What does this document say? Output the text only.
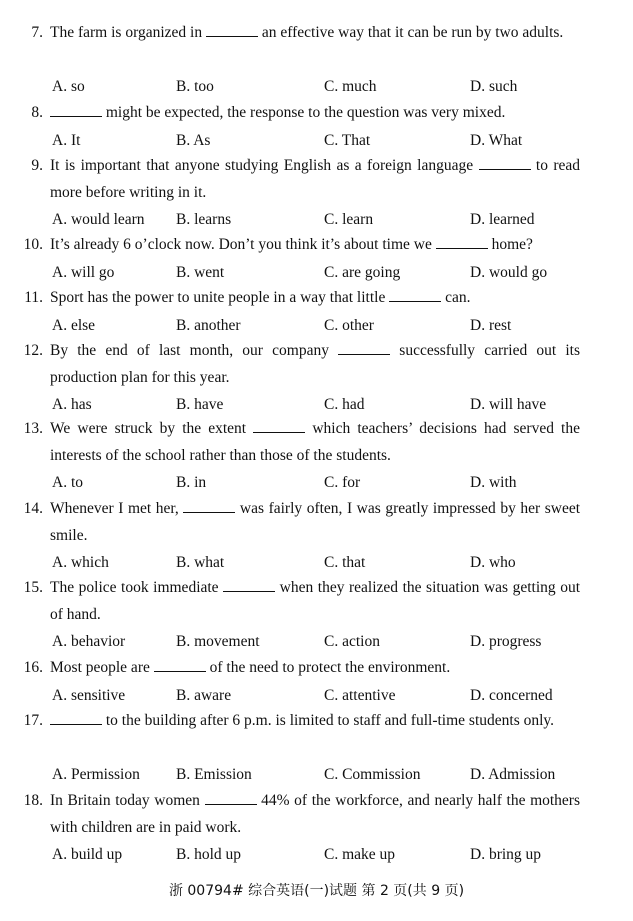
7. The farm is organized in	an effective way that it can be run by two adults.
A. so	B. too	C. much	D. such
8.	might be expected, the response to the question was very mixed.
A. It	B. As	C. That	D. What
9. It is important that anyone studying English as a foreign language	to read more before writing in it.
A. would learn B. learns	C. learn	D. learned
10. It’s already 6 o’clock now. Don’t you think it’s about time we	home?
A. will go	B. went	C. are going	D. would go
11. Sport has the power to unite people in a way that little	can.
A. else	B. another	C. other	D. rest
12. By the end of last month, our company	successfully carried out its production plan for this year.
A. has	B. have	C. had	D. will have
13. We were struck by the extent	which teachers’ decisions had served the interests of the school rather than those of the students.
A. to	B. in	C. for	D. with
14. Whenever I met her,	was fairly often, I was greatly impressed by her sweet smile.
A. which	B. what	C. that	D. who
15. The police took immediate	when they realized the situation was getting out of hand.
A. behavior	B. movement	C. action	D. progress
16. Most people are	of the need to protect the environment.
A. sensitive	B. aware	C. attentive	D. concerned
17.	to the building after 6 p.m. is limited to staff and full-time students only.
A. Permission B. Emission	C. Commission	D. Admission
18. In Britain today women	44% of the workforce, and nearly half the mothers with children are in paid work.
A. build up	B. hold up	C. make up	D. bring up
浙 00794# 综合英语(一)试题 第 2 页(共 9 页)
